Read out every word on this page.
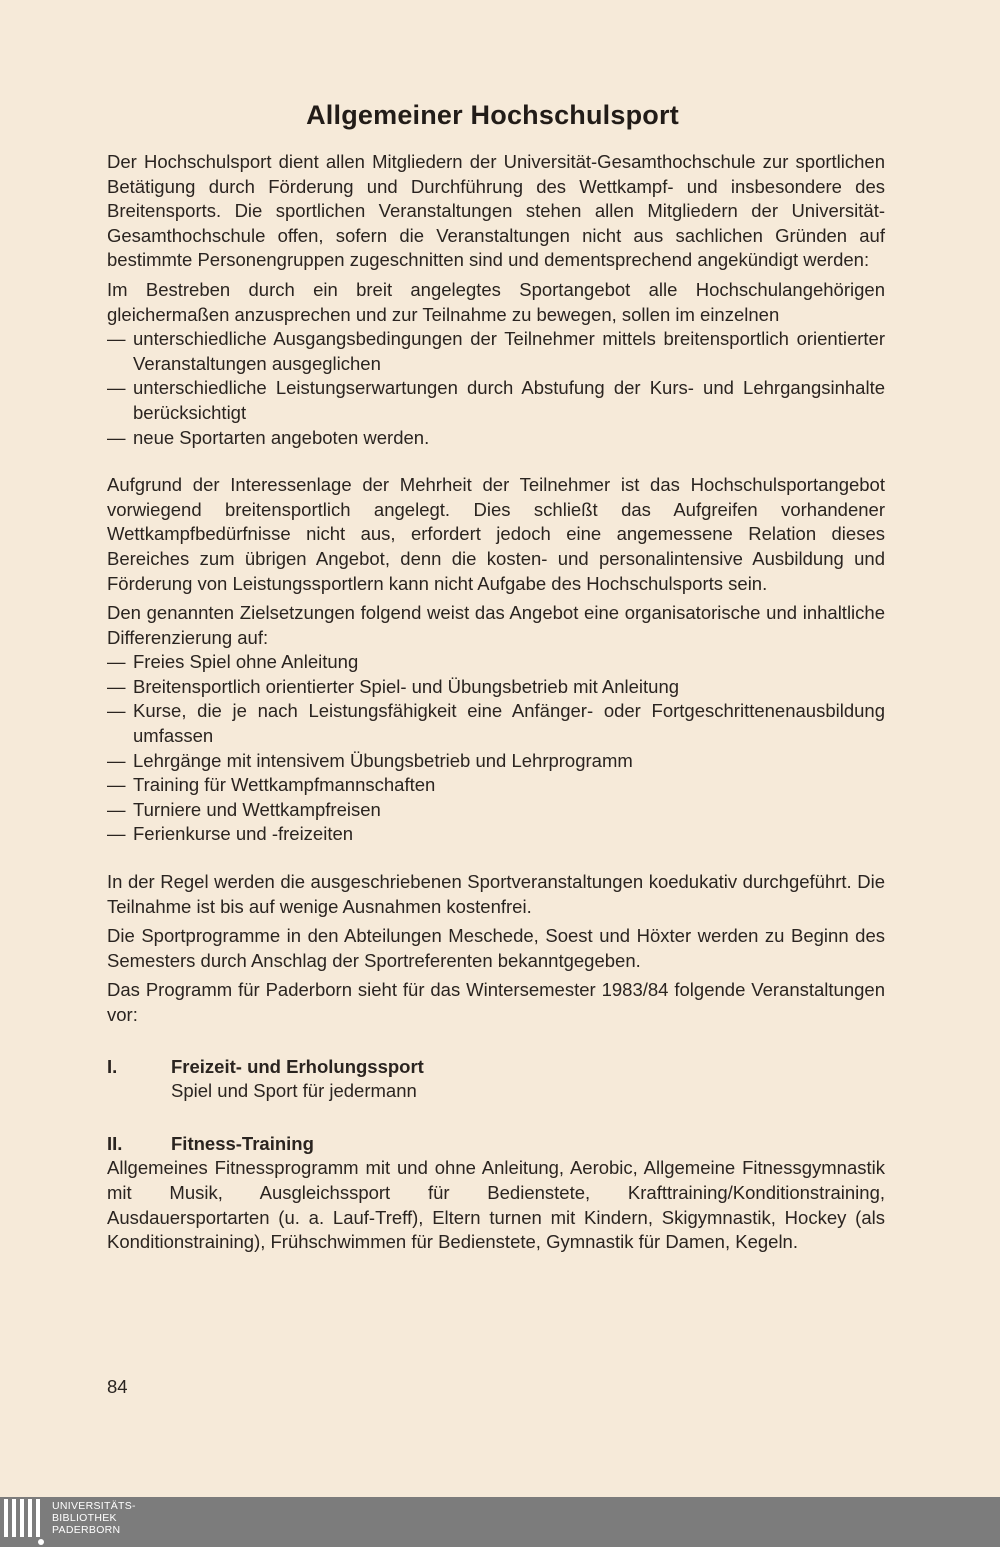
Allgemeiner Hochschulsport

Der Hochschulsport dient allen Mitgliedern der Universität-Gesamthochschule zur sportlichen Betätigung durch Förderung und Durchführung des Wettkampf- und insbesondere des Breitensports. Die sportlichen Veranstaltungen stehen allen Mitgliedern der Universität-Gesamthochschule offen, sofern die Veranstaltungen nicht aus sachlichen Gründen auf bestimmte Personengruppen zugeschnitten sind und dementsprechend angekündigt werden:

Im Bestreben durch ein breit angelegtes Sportangebot alle Hochschulangehörigen gleichermaßen anzusprechen und zur Teilnahme zu bewegen, sollen im einzelnen

— unterschiedliche Ausgangsbedingungen der Teilnehmer mittels breitensportlich orientierter Veranstaltungen ausgeglichen
— unterschiedliche Leistungserwartungen durch Abstufung der Kurs- und Lehrgangsinhalte berücksichtigt
— neue Sportarten angeboten werden.

Aufgrund der Interessenlage der Mehrheit der Teilnehmer ist das Hochschulsportangebot vorwiegend breitensportlich angelegt. Dies schließt das Aufgreifen vorhandener Wettkampfbedürfnisse nicht aus, erfordert jedoch eine angemessene Relation dieses Bereiches zum übrigen Angebot, denn die kosten- und personalintensive Ausbildung und Förderung von Leistungssportlern kann nicht Aufgabe des Hochschulsports sein.

Den genannten Zielsetzungen folgend weist das Angebot eine organisatorische und inhaltliche Differenzierung auf:

— Freies Spiel ohne Anleitung
— Breitensportlich orientierter Spiel- und Übungsbetrieb mit Anleitung
— Kurse, die je nach Leistungsfähigkeit eine Anfänger- oder Fortgeschrittenenausbildung umfassen
— Lehrgänge mit intensivem Übungsbetrieb und Lehrprogramm
— Training für Wettkampfmannschaften
— Turniere und Wettkampfreisen
— Ferienkurse und -freizeiten

In der Regel werden die ausgeschriebenen Sportveranstaltungen koedukativ durchgeführt. Die Teilnahme ist bis auf wenige Ausnahmen kostenfrei.

Die Sportprogramme in den Abteilungen Meschede, Soest und Höxter werden zu Beginn des Semesters durch Anschlag der Sportreferenten bekanntgegeben.

Das Programm für Paderborn sieht für das Wintersemester 1983/84 folgende Veranstaltungen vor:

I.	Freizeit- und Erholungssport
Spiel und Sport für jedermann
II.	Fitness-Training

Allgemeines Fitnessprogramm mit und ohne Anleitung, Aerobic, Allgemeine Fitnessgymnastik mit Musik, Ausgleichssport für Bedienstete, Krafttraining/Konditionstraining, Ausdauersportarten (u. a. Lauf-Treff), Eltern turnen mit Kindern, Skigymnastik, Hockey (als Konditionstraining), Frühschwimmen für Bedienstete, Gymnastik für Damen, Kegeln.

84
UNIVERSITÄTS-
BIBLIOTHEK
PADERBORN
